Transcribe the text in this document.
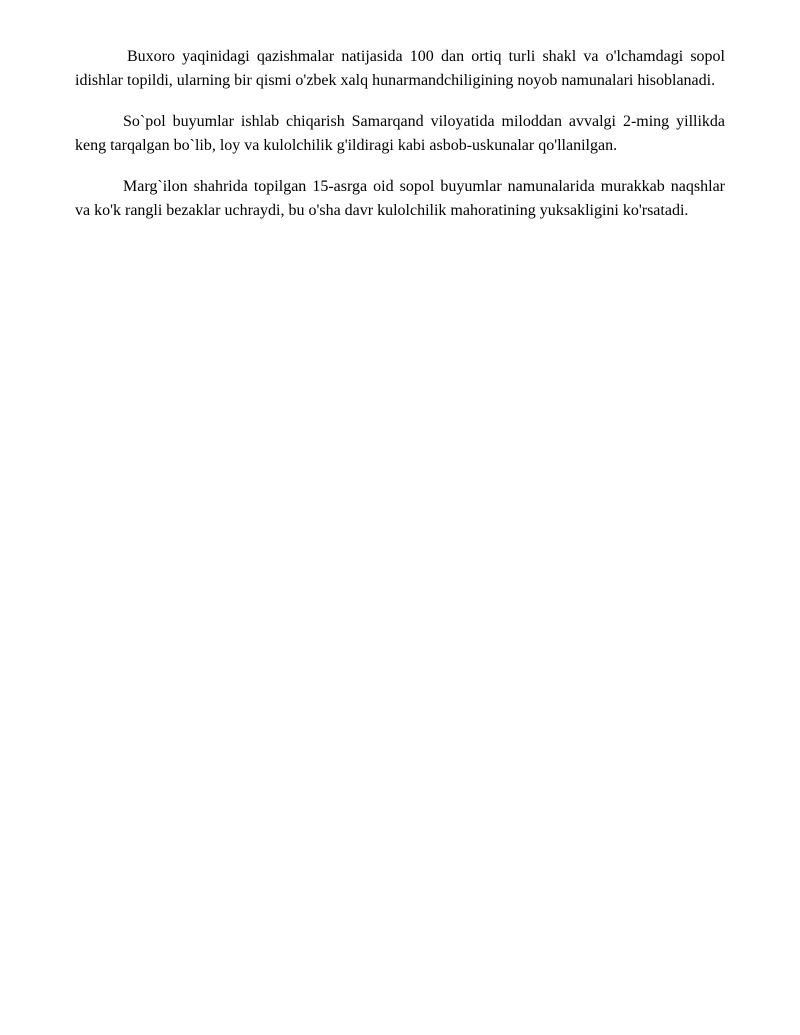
Buxoro yaqinidagi qazishmalar natijasida 100 dan ortiq turli shakl va o'lchamdagi sopol idishlar topildi, ularning bir qismi o'zbek xalq hunarmandchiligining noyob namunalari hisoblanadi.

So`pol buyumlar ishlab chiqarish Samarqand viloyatida miloddan avvalgi 2-ming yillikda keng tarqalgan bo`lib, loy va kulolchilik g'ildiragi kabi asbob-uskunalar qo'llanilgan.

Marg`ilon shahrida topilgan 15-asrga oid sopol buyumlar namunalarida murakkab naqshlar va ko'k rangli bezaklar uchraydi, bu o'sha davr kulolchilik mahoratining yuksakligini ko'rsatadi.
